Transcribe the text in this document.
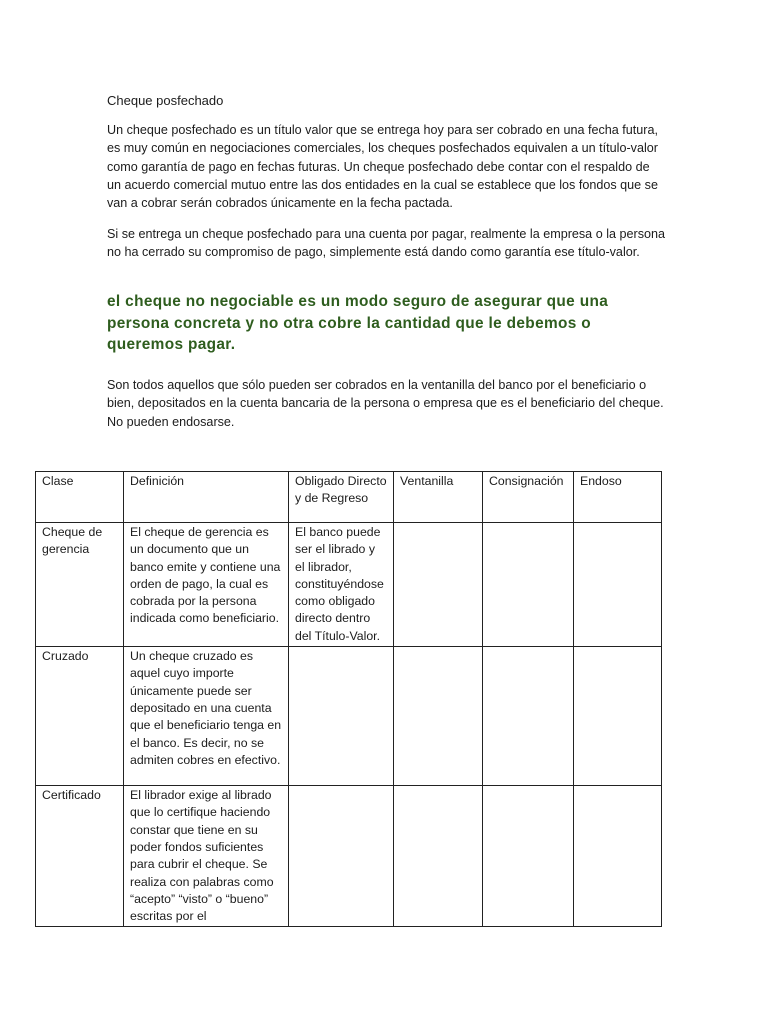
Cheque posfechado

Un cheque posfechado es un título valor que se entrega hoy para ser cobrado en una fecha futura, es muy común en negociaciones comerciales, los cheques posfechados equivalen a un título-valor como garantía de pago en fechas futuras. Un cheque posfechado debe contar con el respaldo de un acuerdo comercial mutuo entre las dos entidades en la cual se establece que los fondos que se van a cobrar serán cobrados únicamente en la fecha pactada.

Si se entrega un cheque posfechado para una cuenta por pagar, realmente la empresa o la persona no ha cerrado su compromiso de pago, simplemente está dando como garantía ese título-valor.

el cheque no negociable es un modo seguro de asegurar que una persona concreta y no otra cobre la cantidad que le debemos o queremos pagar.

Son todos aquellos que sólo pueden ser cobrados en la ventanilla del banco por el beneficiario o bien, depositados en la cuenta bancaria de la persona o empresa que es el beneficiario del cheque. No pueden endosarse.

Clase	Definición	Obligado Directo y de Regreso	Ventanilla	Consignación	Endoso
Cheque de gerencia	El cheque de gerencia es un documento que un banco emite y contiene una orden de pago, la cual es cobrada por la persona indicada como beneficiario.	El banco puede ser el librado y el librador, constituyéndose como obligado directo dentro del Título-Valor.			
Cruzado	Un cheque cruzado es aquel cuyo importe únicamente puede ser depositado en una cuenta que el beneficiario tenga en el banco. Es decir, no se admiten cobres en efectivo.				
Certificado	El librador exige al librado que lo certifique haciendo constar que tiene en su poder fondos suficientes para cubrir el cheque. Se realiza con palabras como “acepto” “visto” o “bueno” escritas por el				
